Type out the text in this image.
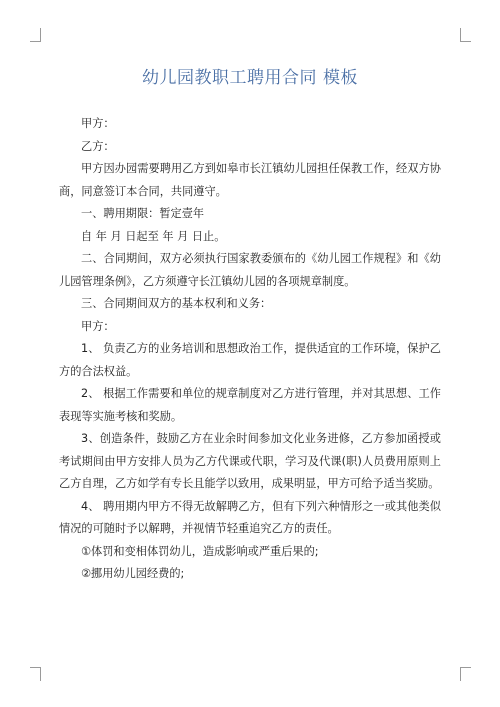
幼儿园教职工聘用合同 模板

甲方：

乙方：

甲方因办园需要聘用乙方到如皋市长江镇幼儿园担任保教工作，经双方协商，同意签订本合同，共同遵守。

一、聘用期限：暂定壹年

自 年 月 日起至 年 月 日止。

二、合同期间，双方必须执行国家教委颁布的《幼儿园工作规程》和《幼儿园管理条例》，乙方须遵守长江镇幼儿园的各项规章制度。

三、合同期间双方的基本权利和义务：

甲方：

1、 负责乙方的业务培训和思想政治工作，提供适宜的工作环境，保护乙方的合法权益。

2、 根据工作需要和单位的规章制度对乙方进行管理，并对其思想、工作表现等实施考核和奖励。

3、创造条件，鼓励乙方在业余时间参加文化业务进修，乙方参加函授或考试期间由甲方安排人员为乙方代课或代职，学习及代课(职)人员费用原则上乙方自理，乙方如学有专长且能学以致用，成果明显，甲方可给予适当奖励。

4、 聘用期内甲方不得无故解聘乙方，但有下列六种情形之一或其他类似情况的可随时予以解聘，并视情节轻重追究乙方的责任。

①体罚和变相体罚幼儿，造成影响或严重后果的;

②挪用幼儿园经费的;
